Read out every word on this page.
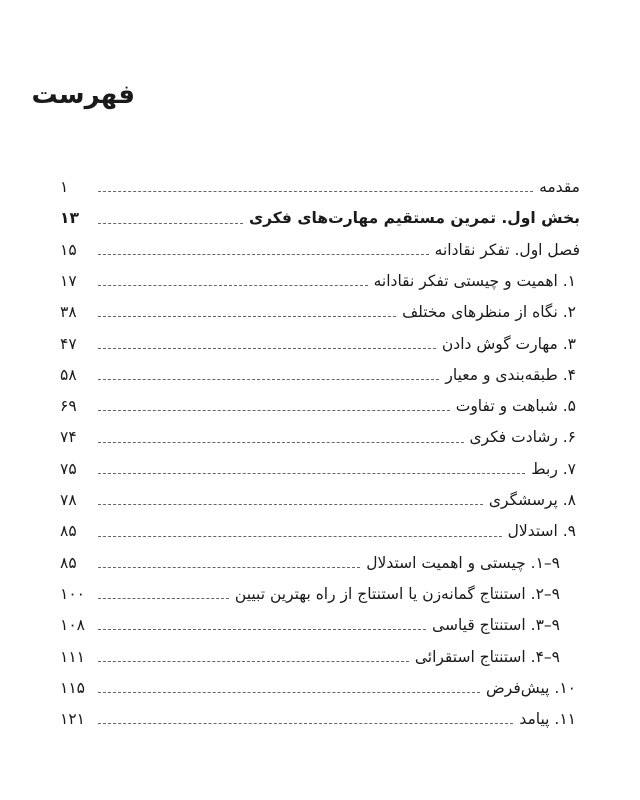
فهرست
مقدمه
۱
بخش اول. تمرین مستقیم مهارت‌های فکری
۱۳
فصل اول. تفکر نقادانه
۱۵
۱. اهمیت و چیستی تفکر نقادانه
۱۷
۲. نگاه از منظرهای مختلف
۳۸
۳. مهارت گوش دادن
۴۷
۴. طبقه‌بندی و معیار
۵۸
۵. شباهت و تفاوت
۶۹
۶. رشادت فکری
۷۴
۷. ربط
۷۵
۸. پرسشگری
۷۸
۹. استدلال
۸۵
۹–۱. چیستی و اهمیت استدلال
۸۵
۹–۲. استنتاج گمانه‌زن یا استنتاج از راه بهترین تبیین
۱۰۰
۹–۳. استنتاج قیاسی
۱۰۸
۹–۴. استنتاج استقرائی
۱۱۱
۱۰. پیش‌فرض
۱۱۵
۱۱. پیامد
۱۲۱
